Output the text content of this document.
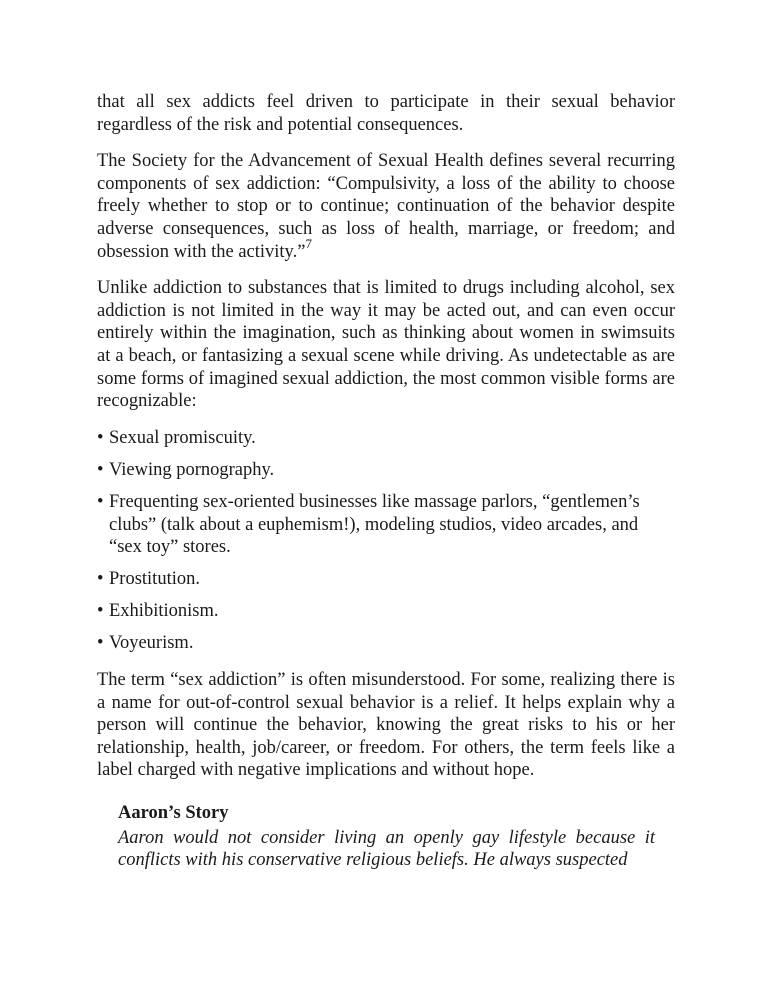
that all sex addicts feel driven to participate in their sexual behavior regardless of the risk and potential consequences.

The Society for the Advancement of Sexual Health defines several recurring components of sex addiction: “Compulsivity, a loss of the ability to choose freely whether to stop or to continue; continuation of the behavior despite adverse consequences, such as loss of health, marriage, or freedom; and obsession with the activity.”$^7$

Unlike addiction to substances that is limited to drugs including alcohol, sex addiction is not limited in the way it may be acted out, and can even occur entirely within the imagination, such as thinking about women in swimsuits at a beach, or fantasizing a sexual scene while driving. As undetectable as are some forms of imagined sexual addiction, the most common visible forms are recognizable:

• Sexual promiscuity.
• Viewing pornography.
• Frequenting sex-oriented businesses like massage parlors, “gentlemen’s clubs” (talk about a euphemism!), modeling studios, video arcades, and “sex toy” stores.
• Prostitution.
• Exhibitionism.
• Voyeurism.

The term “sex addiction” is often misunderstood. For some, realizing there is a name for out-of-control sexual behavior is a relief. It helps explain why a person will continue the behavior, knowing the great risks to his or her relationship, health, job/career, or freedom. For others, the term feels like a label charged with negative implications and without hope.

Aaron’s Story

Aaron would not consider living an openly gay lifestyle because it conflicts with his conservative religious beliefs. He always suspected
